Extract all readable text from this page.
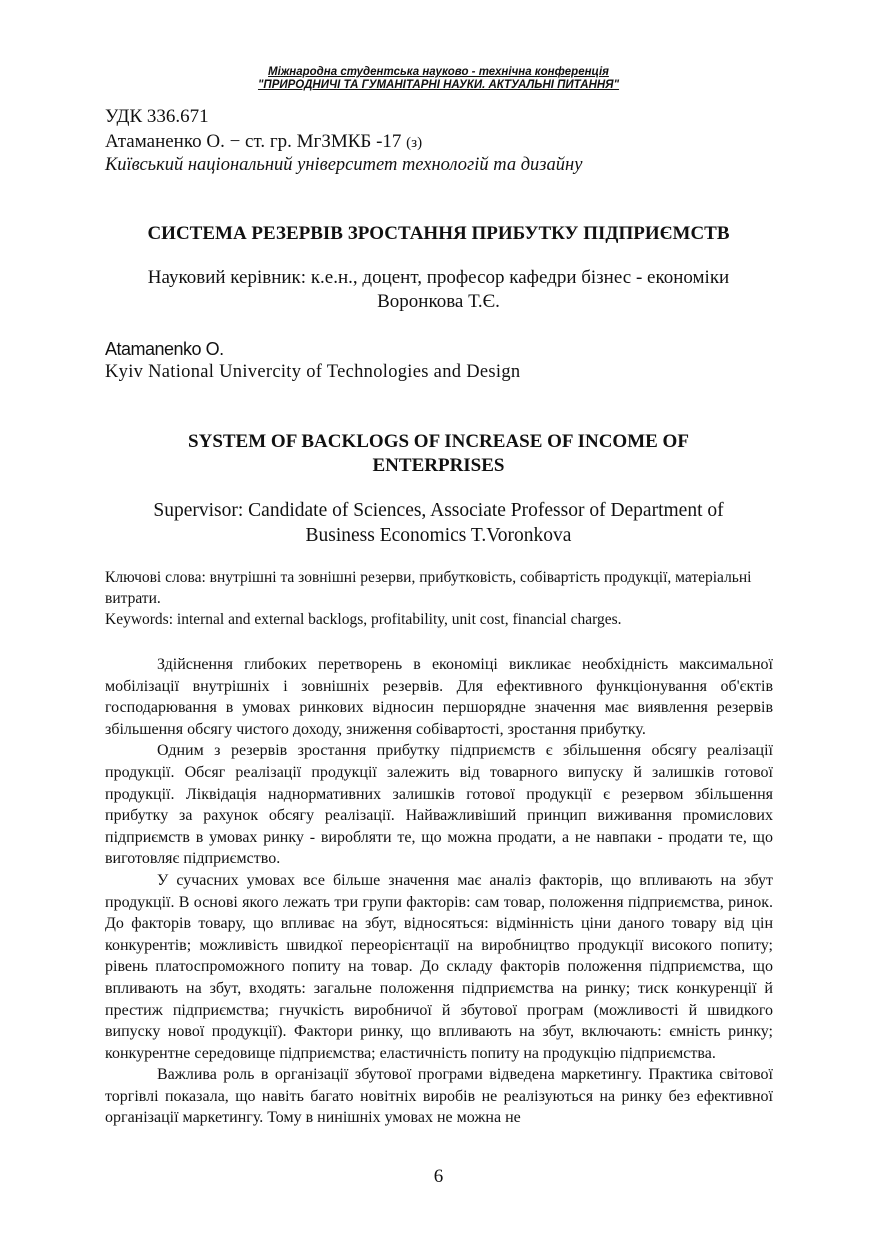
Міжнародна студентська науково - технічна конференція
"ПРИРОДНИЧІ ТА ГУМАНІТАРНІ НАУКИ. АКТУАЛЬНІ ПИТАННЯ"
УДК 336.671
Атаманенко О. − ст. гр. МгЗМКБ -17 (з)
Київський національний університет технологій та дизайну
СИСТЕМА РЕЗЕРВІВ ЗРОСТАННЯ ПРИБУТКУ ПІДПРИЄМСТВ
Науковий керівник: к.е.н., доцент, професор кафедри бізнес - економіки
Воронкова Т.Є.
Atamanenko O.
Kyiv National Univercity of Technologies and Design
SYSTEM OF BACKLOGS OF INCREASE OF INCOME OF
ENTERPRISES
Supervisor: Candidate of Sciences, Associate Professor of Department of
Business Economics T.Voronkova
Ключові слова: внутрішні та зовнішні резерви, прибутковість, собівартість продукції, матеріальні витрати.
Keywords: internal and external backlogs, profitability, unit cost, financial charges.

Здійснення глибоких перетворень в економіці викликає необхідність максимальної мобілізації внутрішніх і зовнішніх резервів. Для ефективного функціонування об'єктів господарювання в умовах ринкових відносин першорядне значення має виявлення резервів збільшення обсягу чистого доходу, зниження собівартості, зростання прибутку.

Одним з резервів зростання прибутку підприємств є збільшення обсягу реалізації продукції. Обсяг реалізації продукції залежить від товарного випуску й залишків готової продукції. Ліквідація наднормативних залишків готової продукції є резервом збільшення прибутку за рахунок обсягу реалізації. Найважливіший принцип виживання промислових підприємств в умовах ринку - виробляти те, що можна продати, а не навпаки - продати те, що виготовляє підприємство.

У сучасних умовах все більше значення має аналіз факторів, що впливають на збут продукції. В основі якого лежать три групи факторів: сам товар, положення підприємства, ринок. До факторів товару, що впливає на збут, відносяться: відмінність ціни даного товару від цін конкурентів; можливість швидкої переорієнтації на виробництво продукції високого попиту; рівень платоспроможного попиту на товар. До складу факторів положення підприємства, що впливають на збут, входять: загальне положення підприємства на ринку; тиск конкуренції й престиж підприємства; гнучкість виробничої й збутової програм (можливості й швидкого випуску нової продукції). Фактори ринку, що впливають на збут, включають: ємність ринку; конкурентне середовище підприємства; еластичність попиту на продукцію підприємства.

Важлива роль в організації збутової програми відведена маркетингу. Практика світової торгівлі показала, що навіть багато новітніх виробів не реалізуються на ринку без ефективної організації маркетингу. Тому в нинішніх умовах не можна не

6
